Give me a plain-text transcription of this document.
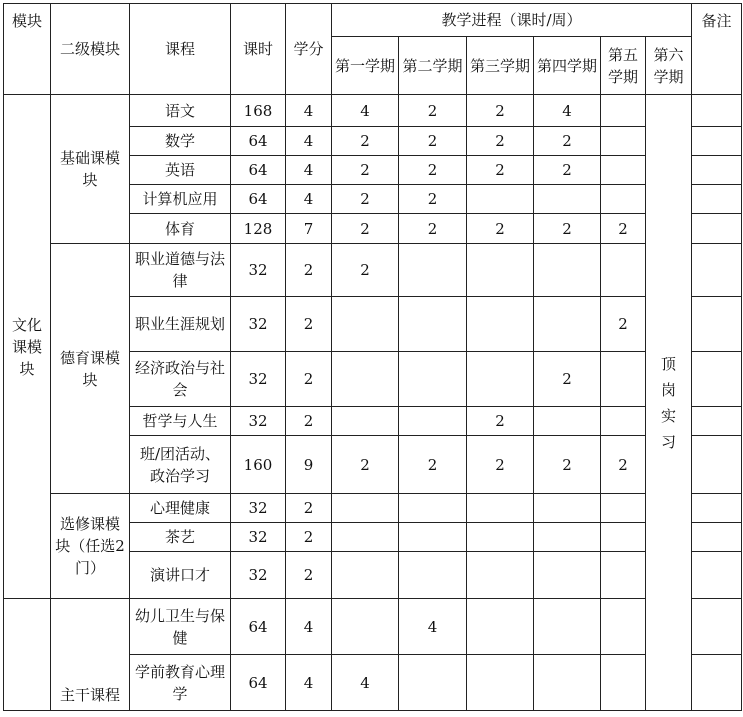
模块	二级模块	课程	课时	学分	教学进程（课时/周）						备注
					第一学期	第二学期	第三学期	第四学期	第五学期	第六学期	
文化课模块	基础课模块	语文	168	4	4	2	2	4		顶岗实习	
		数学	64	4	2	2	2	2			
		英语	64	4	2	2	2	2			
		计算机应用	64	4	2	2					
		体育	128	7	2	2	2	2	2		
	德育课模块	职业道德与法律	32	2	2						
		职业生涯规划	32	2					2		
		经济政治与社会	32	2				2			
		哲学与人生	32	2			2				
		班/团活动、政治学习	160	9	2	2	2	2	2		
	选修课模块（任选2门）	心理健康	32	2							
		茶艺	32	2							
		演讲口才	32	2							
		幼儿卫生与保健	64	4		4					
	主干课程	学前教育心理学	64	4	4						
